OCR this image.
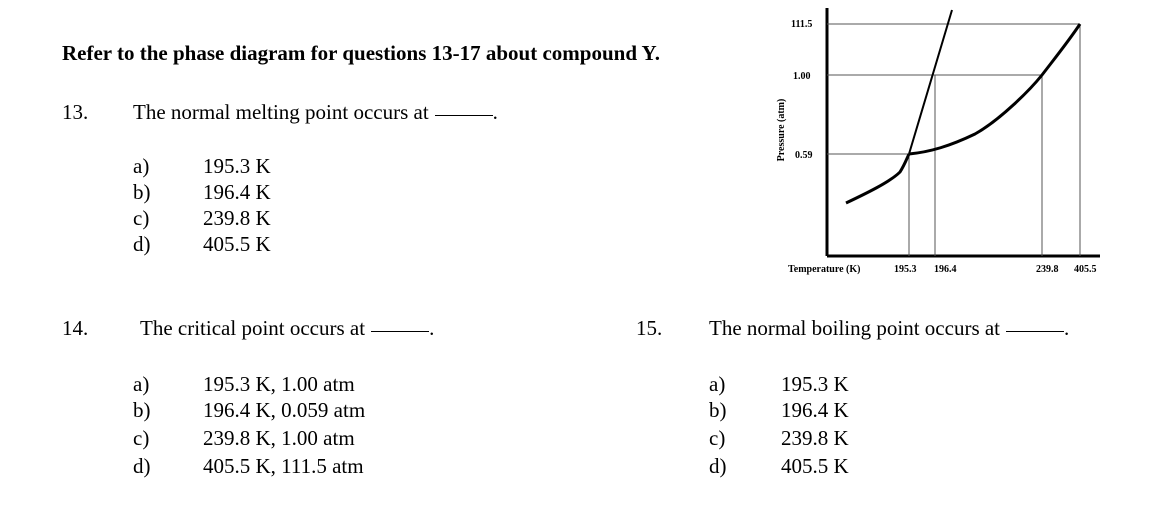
Refer to the phase diagram for questions 13-17 about compound Y.
13. The normal melting point occurs at	.
a)	195.3 K
b)	196.4 K
c)	239.8 K
d)	405.5 K
14. The critical point occurs at	.
a)	195.3 K, 1.00 atm
b)	196.4 K, 0.059 atm
c)	239.8 K, 1.00 atm
d)	405.5 K, 111.5 atm
15. The normal boiling point occurs at	.
a)	195.3 K
b)	196.4 K
c)	239.8 K
d)	405.5 K
111.5
1.00
0.59
Pressure (atm)
Temperature (K)	195.3 196.4	239.8 405.5
